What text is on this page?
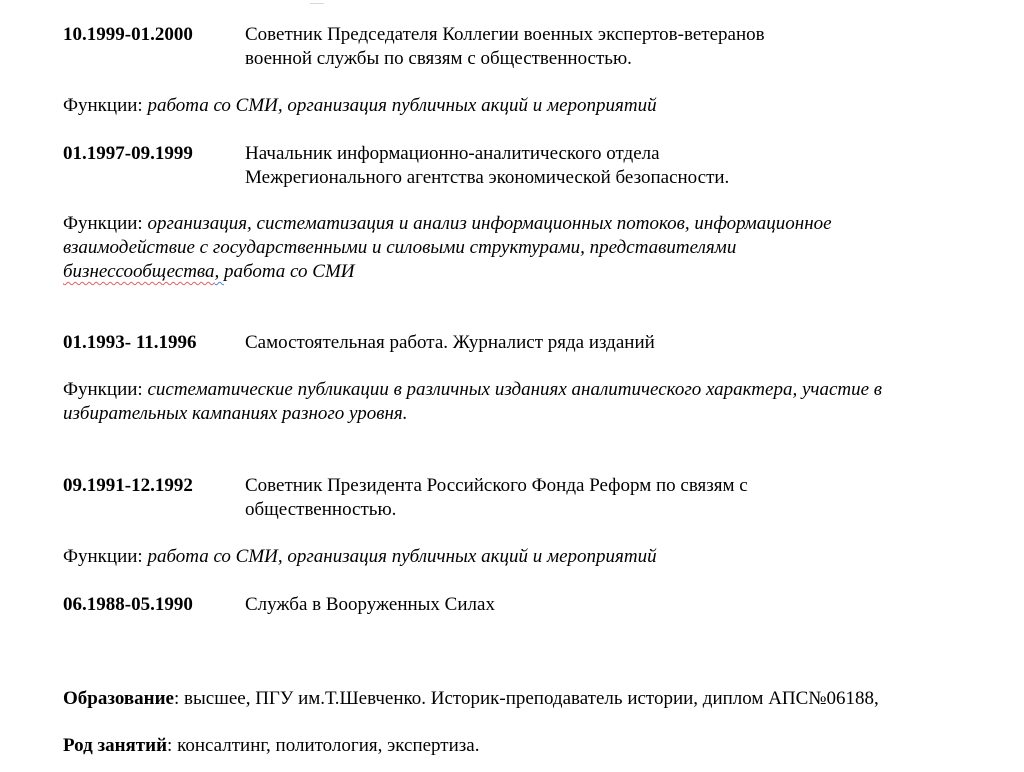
10.1999-01.2000	Советник Председателя Коллегии военных экспертов-ветеранов
военной службы по связям с общественностью.
Функции: работа со СМИ, организация публичных акций и мероприятий
01.1997-09.1999	Начальник информационно-аналитического отдела
Межрегионального агентства экономической безопасности.
Функции: организация, систематизация и анализ информационных потоков, информационное
взаимодействие с государственными и силовыми структурами, представителями
бизнессообщества, работа со СМИ
01.1993- 11.1996	Самостоятельная работа. Журналист ряда изданий
Функции: систематические публикации в различных изданиях аналитического характера, участие в
избирательных кампаниях разного уровня.
09.1991-12.1992	Советник Президента Российского Фонда Реформ по связям с
общественностью.
Функции: работа со СМИ, организация публичных акций и мероприятий
06.1988-05.1990	Служба в Вооруженных Силах
Образование: высшее, ПГУ им.Т.Шевченко. Историк-преподаватель истории, диплом АПС№06188,
Род занятий: консалтинг, политология, экспертиза.
